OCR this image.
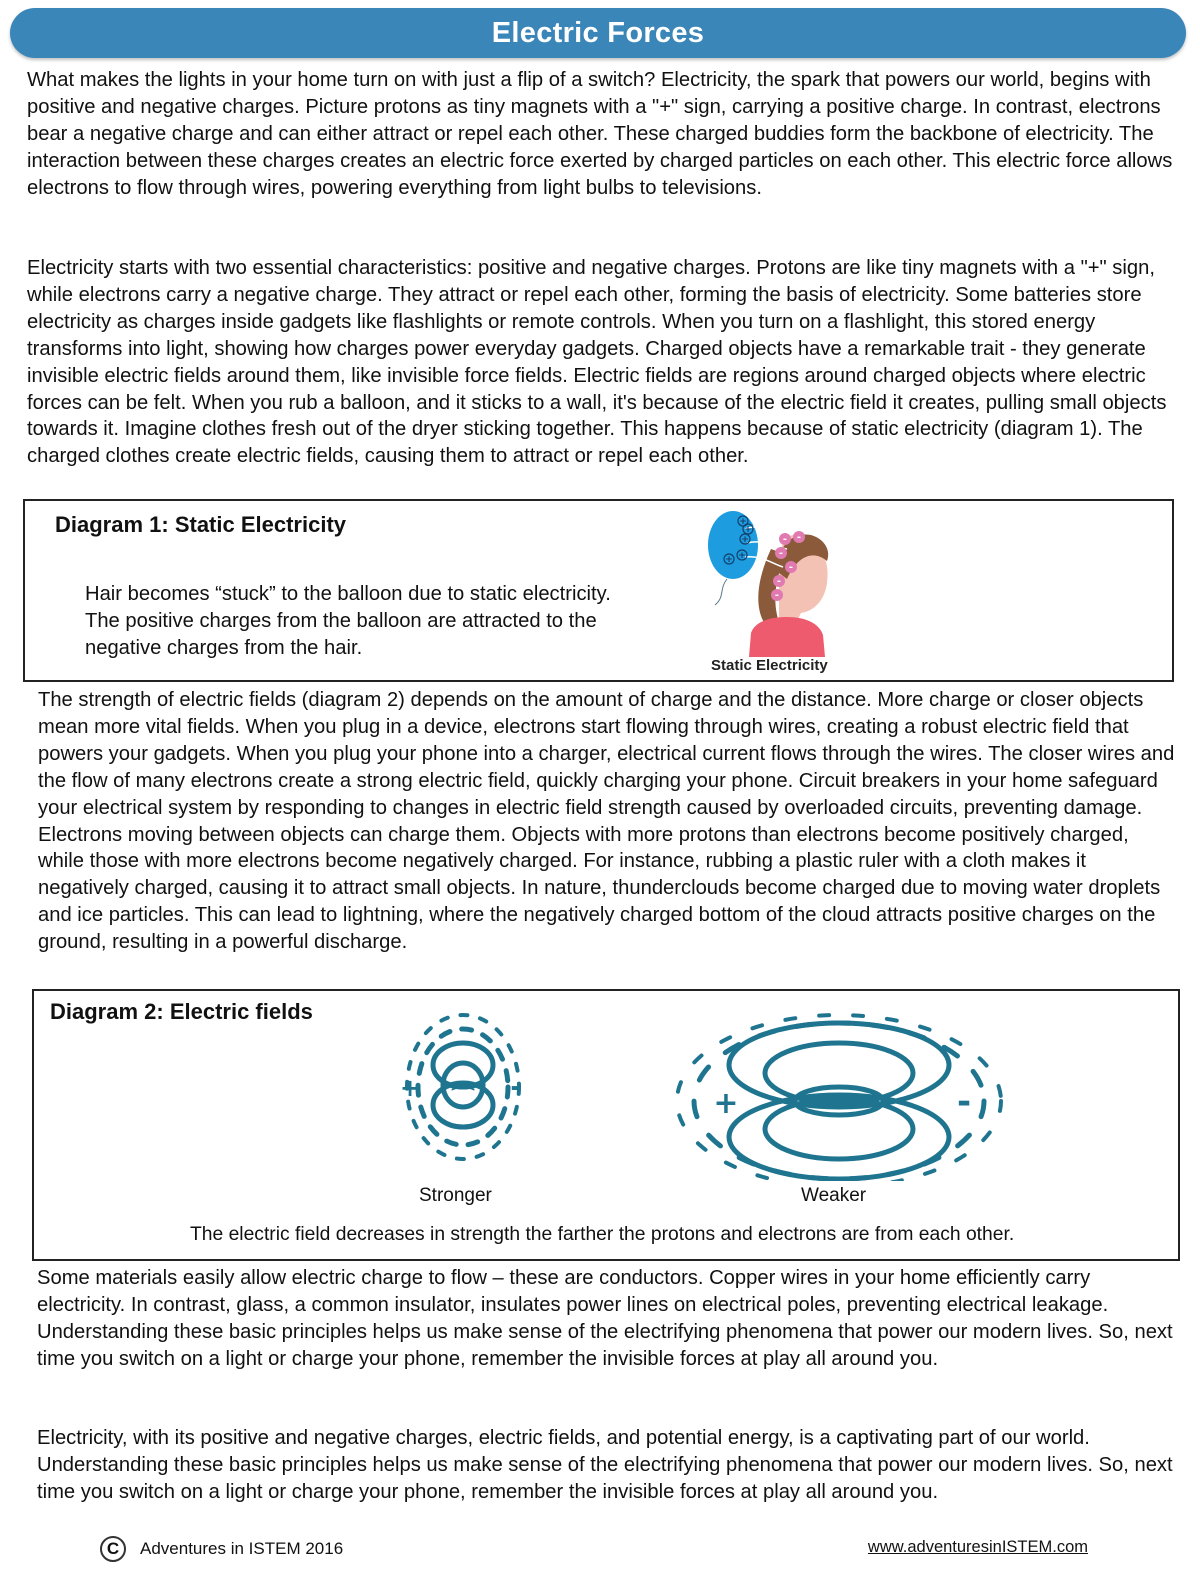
Electric Forces

What makes the lights in your home turn on with just a flip of a switch? Electricity, the spark that powers our world, begins with positive and negative charges. Picture protons as tiny magnets with a "+" sign, carrying a positive charge. In contrast, electrons bear a negative charge and can either attract or repel each other. These charged buddies form the backbone of electricity. The interaction between these charges creates an electric force exerted by charged particles on each other. This electric force allows electrons to flow through wires, powering everything from light bulbs to televisions.

Electricity starts with two essential characteristics: positive and negative charges. Protons are like tiny magnets with a "+" sign, while electrons carry a negative charge. They attract or repel each other, forming the basis of electricity. Some batteries store electricity as charges inside gadgets like flashlights or remote controls. When you turn on a flashlight, this stored energy transforms into light, showing how charges power everyday gadgets. Charged objects have a remarkable trait - they generate invisible electric fields around them, like invisible force fields. Electric fields are regions around charged objects where electric forces can be felt. When you rub a balloon, and it sticks to a wall, it's because of the electric field it creates, pulling small objects towards it. Imagine clothes fresh out of the dryer sticking together. This happens because of static electricity (diagram 1). The charged clothes create electric fields, causing them to attract or repel each other.

Diagram 1: Static Electricity

Hair becomes “stuck” to the balloon due to static electricity. The positive charges from the balloon are attracted to the negative charges from the hair.

+
+
+
+ +
- -
-
-
-
-
Static Electricity

The strength of electric fields (diagram 2) depends on the amount of charge and the distance. More charge or closer objects mean more vital fields. When you plug in a device, electrons start flowing through wires, creating a robust electric field that powers your gadgets. When you plug your phone into a charger, electrical current flows through the wires. The closer wires and the flow of many electrons create a strong electric field, quickly charging your phone. Circuit breakers in your home safeguard your electrical system by responding to changes in electric field strength caused by overloaded circuits, preventing damage. Electrons moving between objects can charge them. Objects with more protons than electrons become positively charged, while those with more electrons become negatively charged. For instance, rubbing a plastic ruler with a cloth makes it negatively charged, causing it to attract small objects. In nature, thunderclouds become charged due to moving water droplets and ice particles. This can lead to lightning, where the negatively charged bottom of the cloud attracts positive charges on the ground, resulting in a powerful discharge.

Diagram 2: Electric fields
+	-
> <
Stronger
+	-
> <
Weaker

The electric field decreases in strength the farther the protons and electrons are from each other.

Some materials easily allow electric charge to flow – these are conductors. Copper wires in your home efficiently carry electricity. In contrast, glass, a common insulator, insulates power lines on electrical poles, preventing electrical leakage. Understanding these basic principles helps us make sense of the electrifying phenomena that power our modern lives. So, next time you switch on a light or charge your phone, remember the invisible forces at play all around you.

Electricity, with its positive and negative charges, electric fields, and potential energy, is a captivating part of our world. Understanding these basic principles helps us make sense of the electrifying phenomena that power our modern lives. So, next time you switch on a light or charge your phone, remember the invisible forces at play all around you.

C	Adventures in ISTEM 2016	www.adventuresinISTEM.com
